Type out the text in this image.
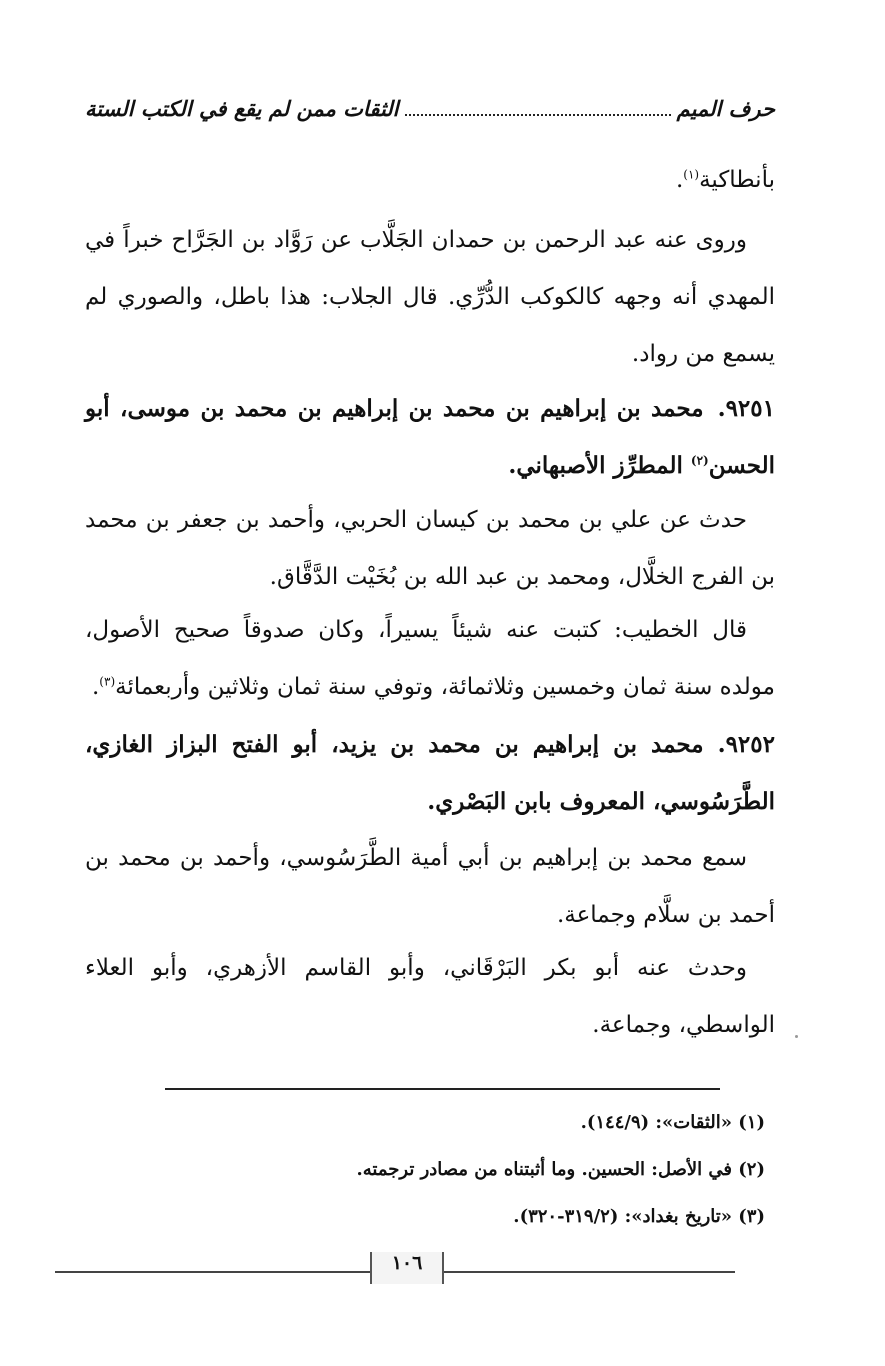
حرف الميم
الثقات ممن لم يقع في الكتب الستة
بأنطاكية$^{(١)}$.
وروى عنه عبد الرحمن بن حمدان الجَلَّاب عن رَوَّاد بن الجَرَّاح خبراً في المهدي أنه وجهه كالكوكب الدُّرِّي. قال الجلاب: هذا باطل، والصوري لم يسمع من رواد.
٩٢٥١.محمد بن إبراهيم بن محمد بن إبراهيم بن محمد بن موسى، أبو الحسن$^{(٢)}$ المطرِّز الأصبهاني.
حدث عن علي بن محمد بن كيسان الحربي، وأحمد بن جعفر بن محمد بن الفرج الخلَّال، ومحمد بن عبد الله بن بُخَيْت الدَّقَّاق.
قال الخطيب: كتبت عنه شيئاً يسيراً، وكان صدوقاً صحيح الأصول، مولده سنة ثمان وخمسين وثلاثمائة، وتوفي سنة ثمان وثلاثين وأربعمائة$^{(٣)}$.
٩٢٥٢.محمد بن إبراهيم بن محمد بن يزيد، أبو الفتح البزاز الغازي، الطَّرَسُوسي، المعروف بابن البَصْري.
سمع محمد بن إبراهيم بن أبي أمية الطَّرَسُوسي، وأحمد بن محمد بن أحمد بن سلَّام وجماعة.
وحدث عنه أبو بكر البَرْقَاني، وأبو القاسم الأزهري، وأبو العلاء الواسطي، وجماعة.
(١) «الثقات»: (١٤٤/٩).
(٢) في الأصل: الحسين. وما أثبتناه من مصادر ترجمته.
(٣) «تاريخ بغداد»: (٣١٩/٢-٣٢٠).
١٠٦
